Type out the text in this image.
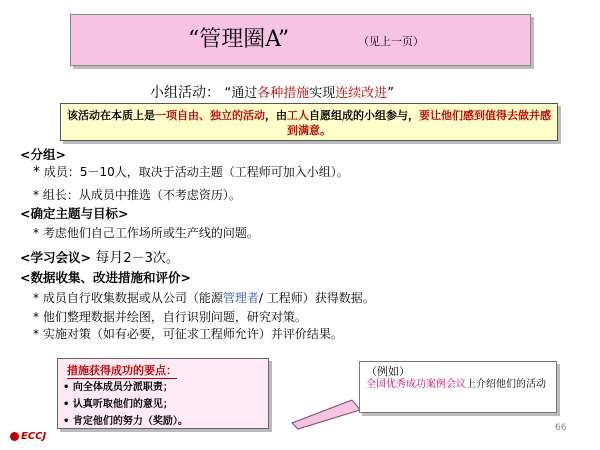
“管理圈A”	（见上一页）
小组活动： “通过各种措施实现连续改进”
该活动在本质上是一项自由、独立的活动，由工人自愿组成的小组参与，要让他们感到值得去做并感到满意。
<分组>
* 成员：5－10人，取决于活动主题（工程师可加入小组）。
* 组长：从成员中推选（不考虑资历）。
<确定主题与目标>
* 考虑他们自己工作场所或生产线的问题。
<学习会议> 每月2－3次。
<数据收集、改进措施和评价>
* 成员自行收集数据或从公司（能源管理者/ 工程师）获得数据。
* 他们整理数据并绘图，自行识别问题，研究对策。
* 实施对策（如有必要，可征求工程师允许）并评价结果。
措施获得成功的要点：
• 向全体成员分派职责；
• 认真听取他们的意见；
• 肯定他们的努力（奖励）。
（例如）
全国优秀成功案例会议上介绍他们的活动
ECCJ
66
